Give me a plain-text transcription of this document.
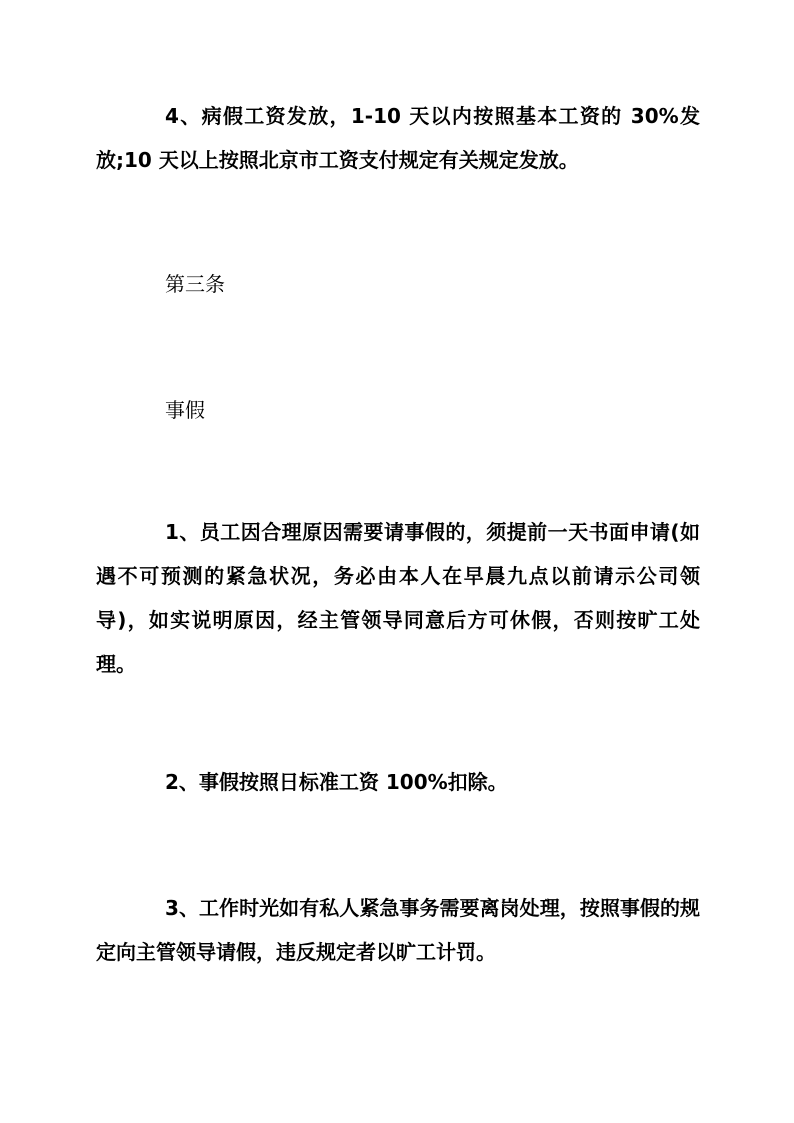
4、病假工资发放，1-10 天以内按照基本工资的 30%发放;10 天以上按照北京市工资支付规定有关规定发放。

第三条

事假

1、员工因合理原因需要请事假的，须提前一天书面申请(如遇不可预测的紧急状况，务必由本人在早晨九点以前请示公司领导)，如实说明原因，经主管领导同意后方可休假，否则按旷工处理。

2、事假按照日标准工资 100%扣除。

3、工作时光如有私人紧急事务需要离岗处理，按照事假的规定向主管领导请假，违反规定者以旷工计罚。
